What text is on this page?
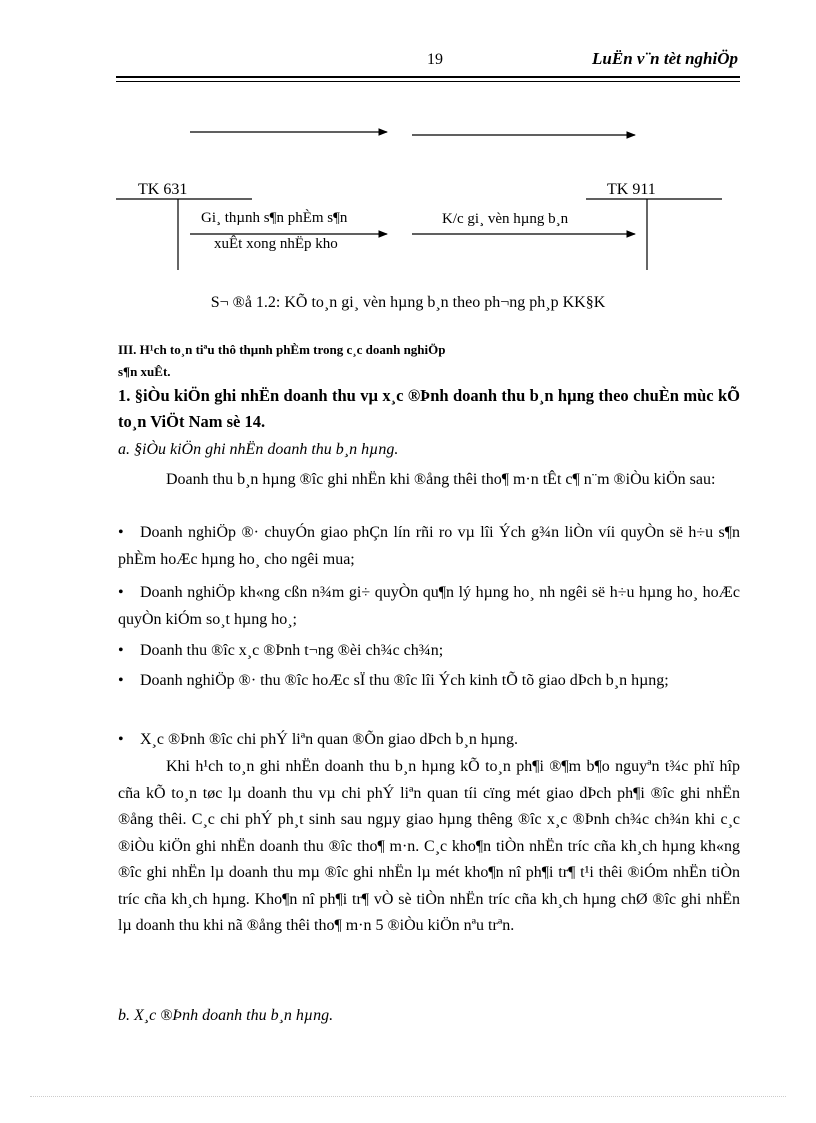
19	LuËn v¨n tèt nghiÖp
TK 631	TK 911
Gi¸ thµnh s¶n phÈm s¶n
xuÊt xong nhËp kho
K/c gi¸ vèn hµng b¸n
S¬ ®å 1.2: KÕ to¸n gi¸ vèn hµng b¸n theo ph¬ng ph¸p KK§K
III. H¹ch to¸n tiªu thô thµnh phÈm trong c¸c doanh nghiÖp
s¶n xuÊt.
1. §iÒu kiÖn ghi nhËn doanh thu vµ x¸c ®Þnh doanh thu b¸n hµng theo chuÈn mùc kÕ to¸n ViÖt Nam sè 14.
a. §iÒu kiÖn ghi nhËn doanh thu b¸n hµng.

Doanh thu b¸n hµng ®îc ghi nhËn khi ®ång thêi tho¶ m·n tÊt c¶ n¨m ®iÒu kiÖn sau:

• Doanh nghiÖp ®· chuyÓn giao phÇn lín rñi ro vµ lîi Ých g¾n liÒn víi quyÒn së h÷u s¶n phÈm hoÆc hµng ho¸ cho ngêi mua;

• Doanh nghiÖp kh«ng cßn n¾m gi÷ quyÒn qu¶n lý hµng ho¸ nh ngêi së h÷u hµng ho¸ hoÆc quyÒn kiÓm so¸t hµng ho¸;

• Doanh thu ®îc x¸c ®Þnh t¬ng ®èi ch¾c ch¾n;

• Doanh nghiÖp ®· thu ®îc hoÆc sÏ thu ®îc lîi Ých kinh tÕ tõ giao dÞch b¸n hµng;

• X¸c ®Þnh ®îc chi phÝ liªn quan ®Õn giao dÞch b¸n hµng.

Khi h¹ch to¸n ghi nhËn doanh thu b¸n hµng kÕ to¸n ph¶i ®¶m b¶o nguyªn t¾c phï hîp cña kÕ to¸n tøc lµ doanh thu vµ chi phÝ liªn quan tíi cïng mét giao dÞch ph¶i ®îc ghi nhËn ®ång thêi. C¸c chi phÝ ph¸t sinh sau ngµy giao hµng thêng ®îc x¸c ®Þnh ch¾c ch¾n khi c¸c ®iÒu kiÖn ghi nhËn doanh thu ®îc tho¶ m·n. C¸c kho¶n tiÒn nhËn tríc cña kh¸ch hµng kh«ng ®îc ghi nhËn lµ doanh thu mµ ®îc ghi nhËn lµ mét kho¶n nî ph¶i tr¶ t¹i thêi ®iÓm nhËn tiÒn tríc cña kh¸ch hµng. Kho¶n nî ph¶i tr¶ vÒ sè tiÒn nhËn tríc cña kh¸ch hµng chØ ®îc ghi nhËn lµ doanh thu khi nã ®ång thêi tho¶ m·n 5 ®iÒu kiÖn nªu trªn.

b. X¸c ®Þnh doanh thu b¸n hµng.
